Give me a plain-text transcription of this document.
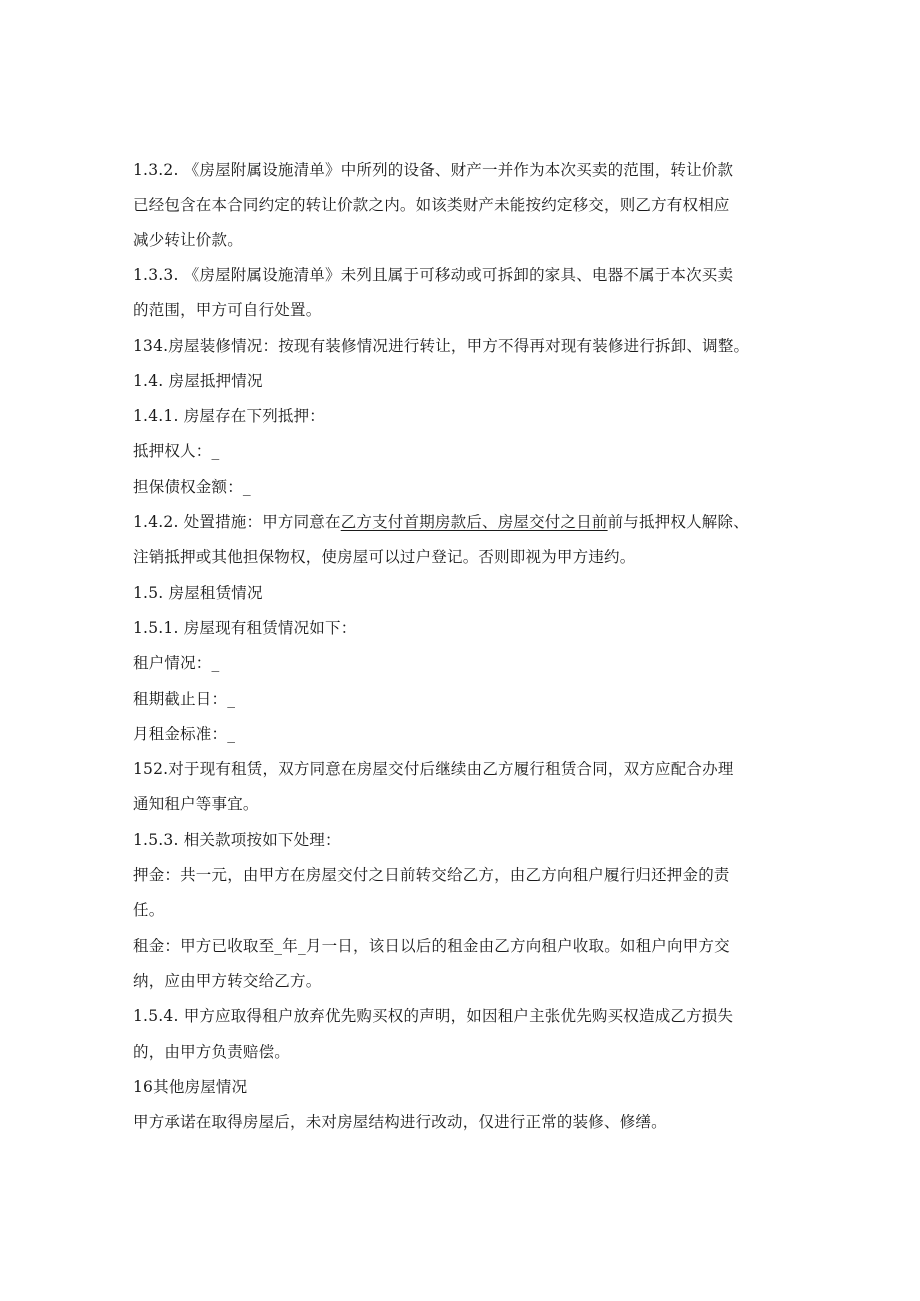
1.3.2. 《房屋附属设施清单》中所列的设备、财产一并作为本次买卖的范围，转让价款
已经包含在本合同约定的转让价款之内。如该类财产未能按约定移交，则乙方有权相应
减少转让价款。
1.3.3. 《房屋附属设施清单》未列且属于可移动或可拆卸的家具、电器不属于本次买卖
的范围，甲方可自行处置。
134.房屋装修情况：按现有装修情况进行转让，甲方不得再对现有装修进行拆卸、调整。
1.4. 房屋抵押情况
1.4.1. 房屋存在下列抵押：
抵押权人：_
担保债权金额：_
1.4.2. 处置措施：甲方同意在乙方支付首期房款后、房屋交付之日前前与抵押权人解除、
注销抵押或其他担保物权，使房屋可以过户登记。否则即视为甲方违约。
1.5. 房屋租赁情况
1.5.1. 房屋现有租赁情况如下：
租户情况：_
租期截止日：_
月租金标准：_
152.对于现有租赁，双方同意在房屋交付后继续由乙方履行租赁合同，双方应配合办理
通知租户等事宜。
1.5.3. 相关款项按如下处理：
押金：共一元，由甲方在房屋交付之日前转交给乙方，由乙方向租户履行归还押金的责
任。
租金：甲方已收取至_年_月一日，该日以后的租金由乙方向租户收取。如租户向甲方交
纳，应由甲方转交给乙方。
1.5.4. 甲方应取得租户放弃优先购买权的声明，如因租户主张优先购买权造成乙方损失
的，由甲方负责赔偿。
16其他房屋情况
甲方承诺在取得房屋后，未对房屋结构进行改动，仅进行正常的装修、修缮。
